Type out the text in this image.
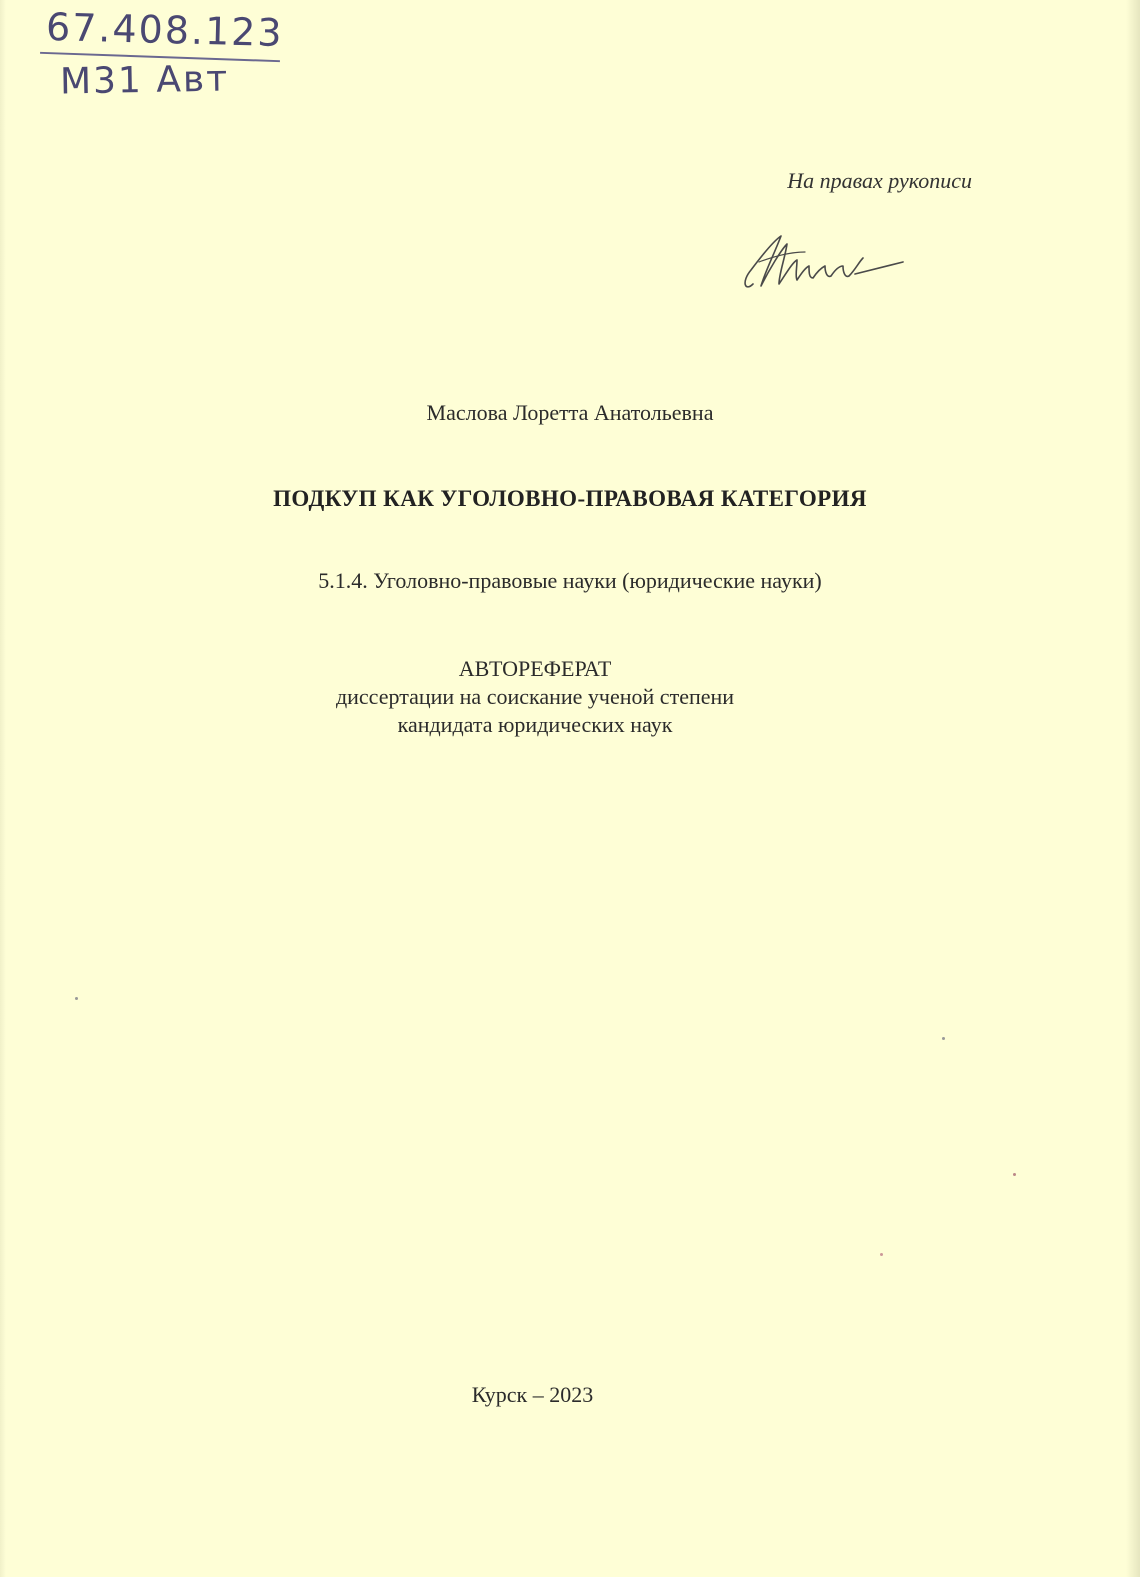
67.408.123
М31 Авт
На правах рукописи
Маслова Лоретта Анатольевна
ПОДКУП КАК УГОЛОВНО-ПРАВОВАЯ КАТЕГОРИЯ
5.1.4. Уголовно-правовые науки (юридические науки)
АВТОРЕФЕРАТ
диссертации на соискание ученой степени
кандидата юридических наук
Курск – 2023
